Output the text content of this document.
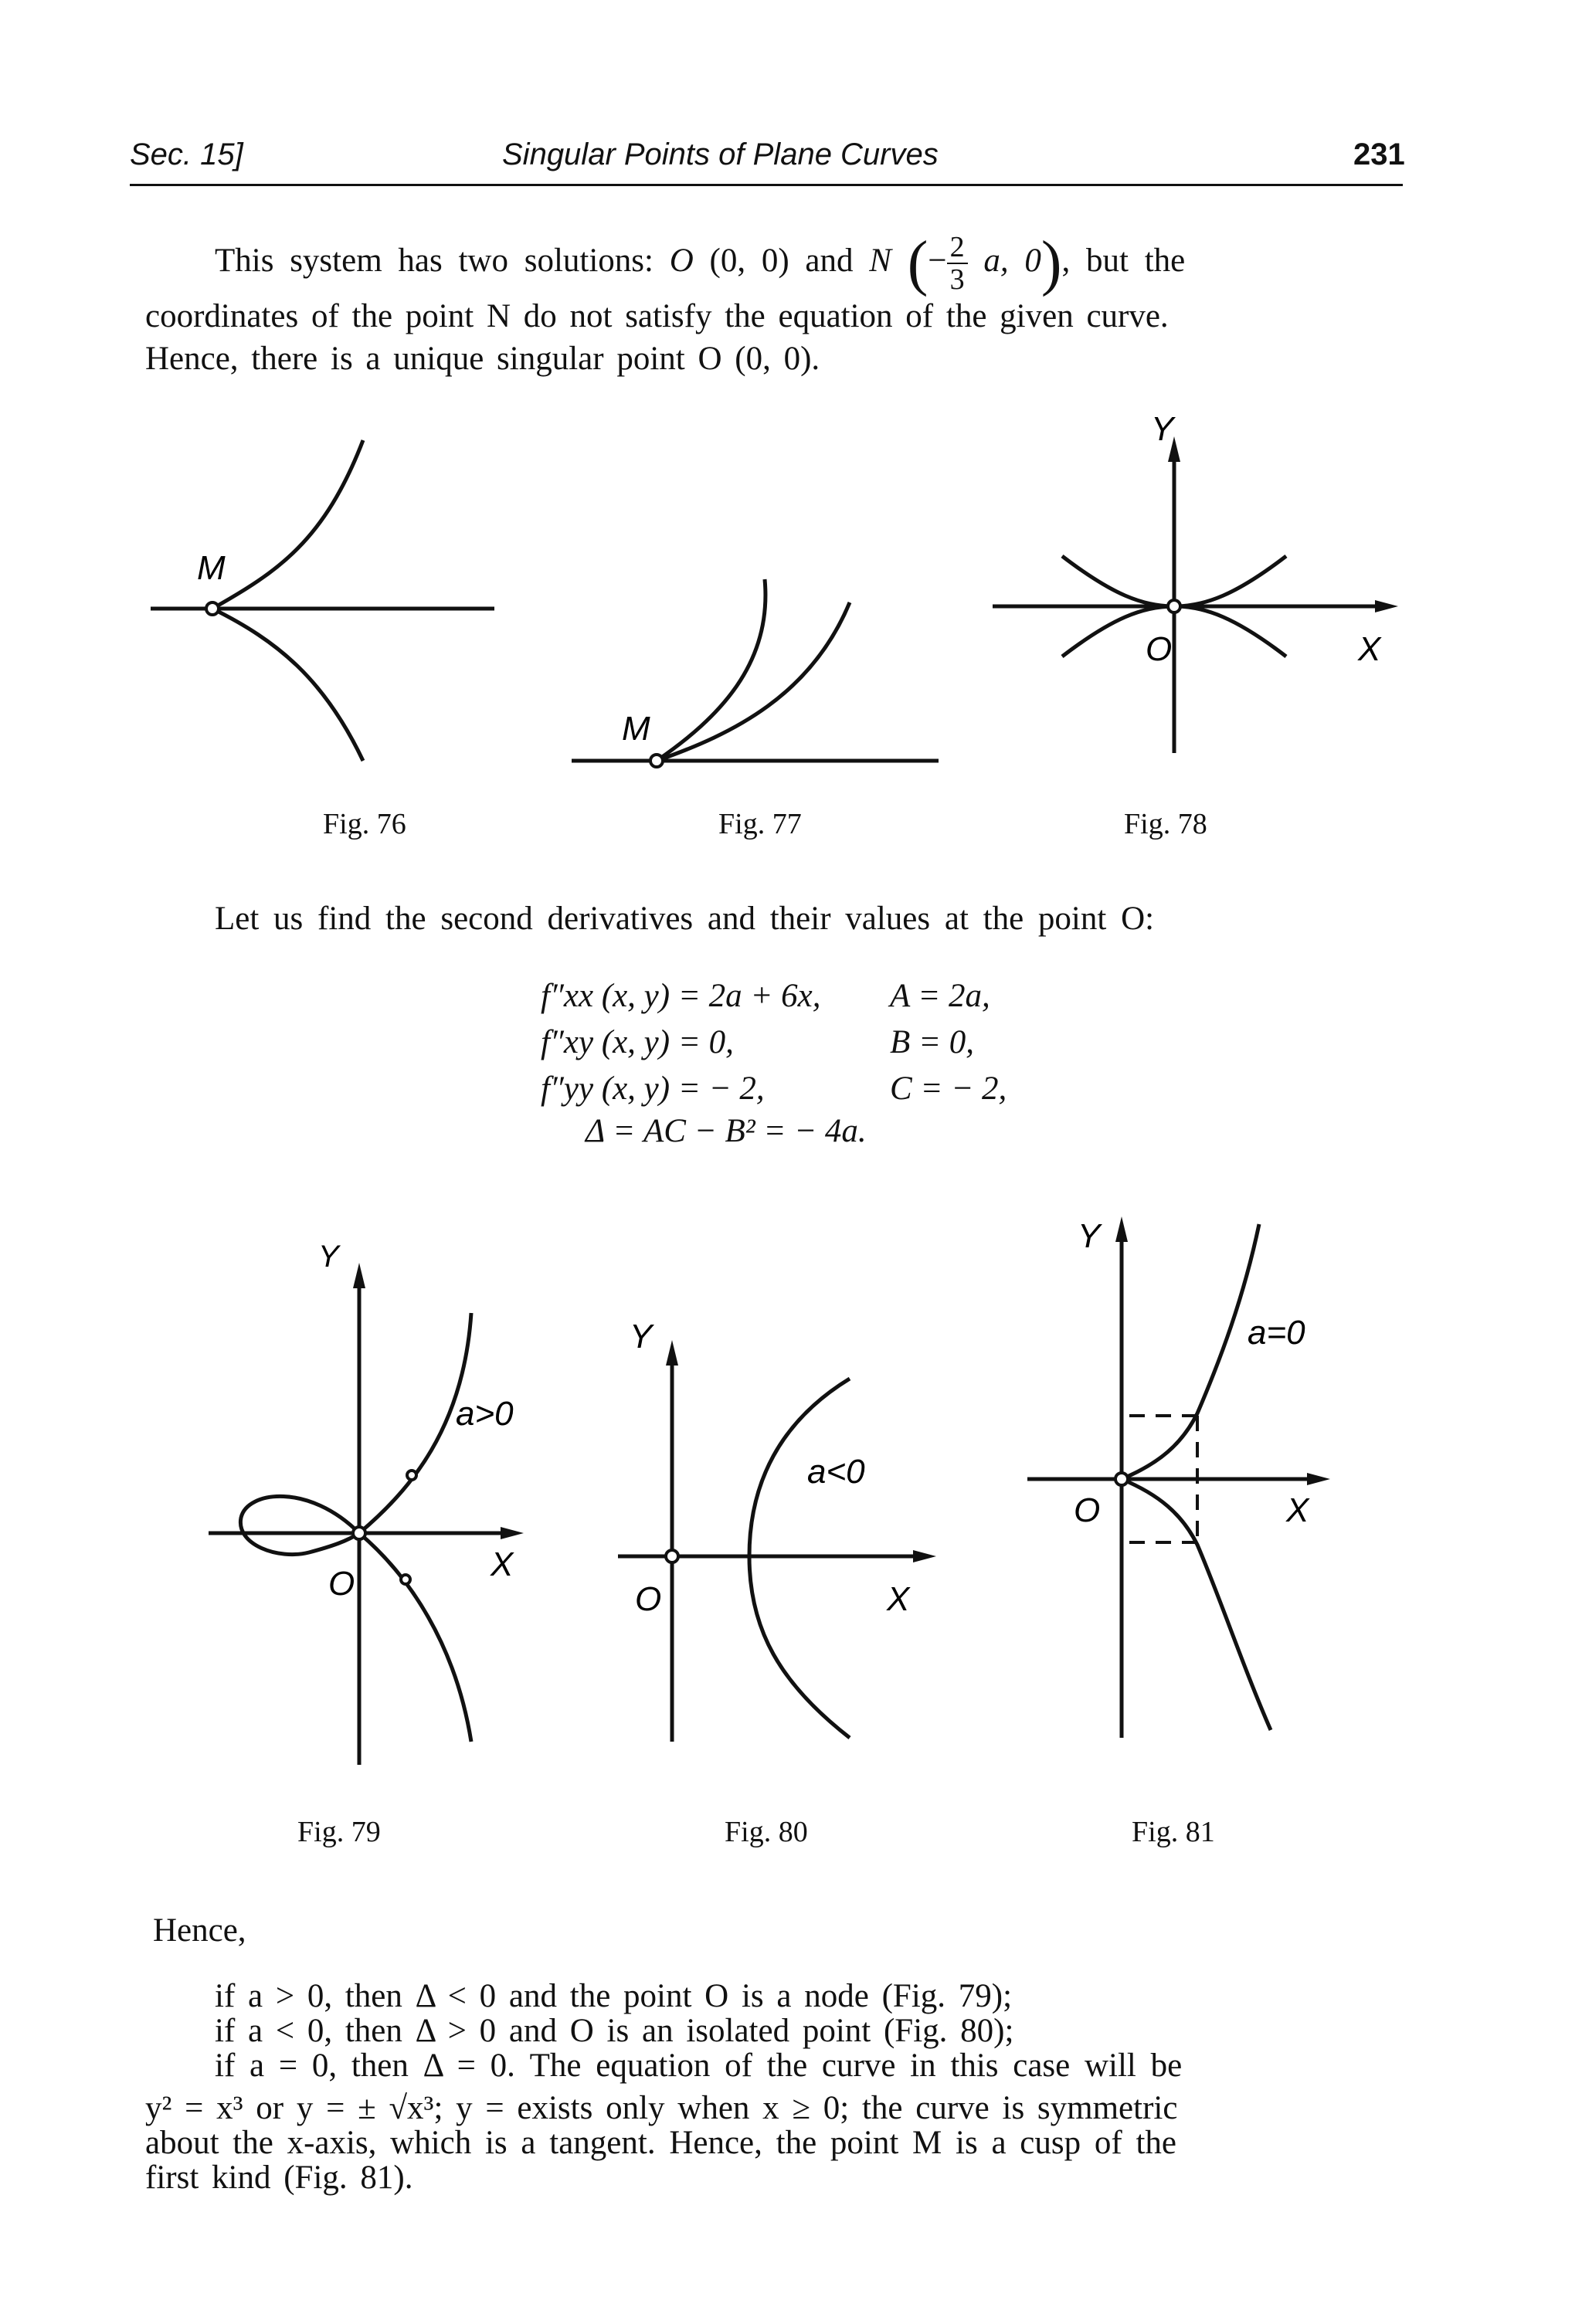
Sec. 15]	Singular Points of Plane Curves	231
This system has two solutions: O (0, 0) and N (− $\frac{2}{3} a$, 0), but the
coordinates of the point N do not satisfy the equation of the given curve.
Hence, there is a unique singular point O (0, 0).
M
M
Y
X
O
Fig. 76	Fig. 77	Fig. 78
Let us find the second derivatives and their values at the point O:
f″xx (x, y) = 2a + 6x, A = 2a,
f″xy (x, y) = 0,	B = 0,
f″yy (x, y) = − 2,	C = − 2,
Δ = AC − B² = − 4a.
Y
X
O
a>0
Y
X
O
a<0
Y
X
O
a=0
Fig. 79	Fig. 80	Fig. 81
Hence,
if a > 0, then Δ < 0 and the point O is a node (Fig. 79);
if a < 0, then Δ > 0 and O is an isolated point (Fig. 80);
if a = 0, then Δ = 0. The equation of the curve in this case will be
y² = x³ or y = ± √x³; y = exists only when x ≥ 0; the curve is symmetric
about the x-axis, which is a tangent. Hence, the point M is a cusp of the
first kind (Fig. 81).
